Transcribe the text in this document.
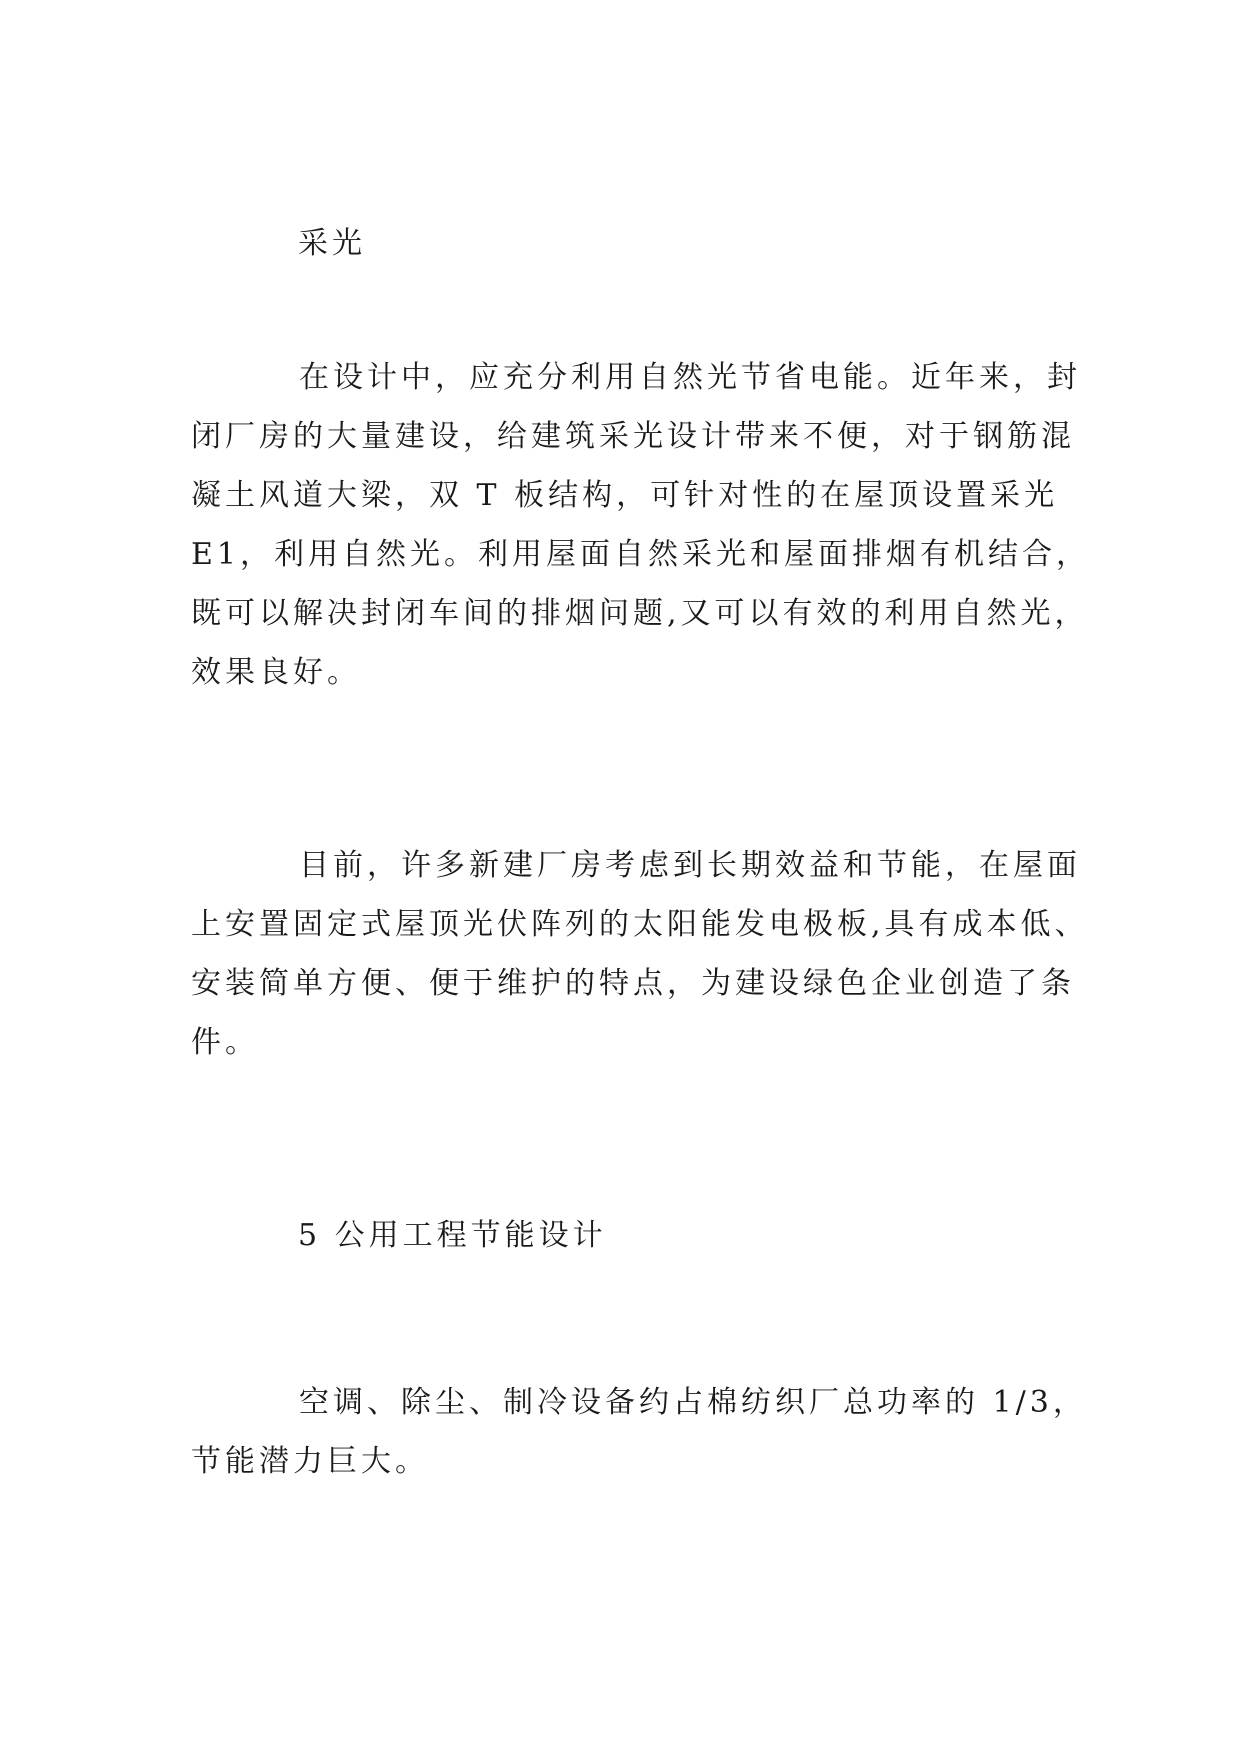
采光

在设计中，应充分利用自然光节省电能。近年来，封
闭厂房的大量建设，给建筑采光设计带来不便，对于钢筋混
凝土风道大梁，双 T 板结构，可针对性的在屋顶设置采光
E1，利用自然光。利用屋面自然采光和屋面排烟有机结合，
既可以解决封闭车间的排烟问题,又可以有效的利用自然光，
效果良好。

目前，许多新建厂房考虑到长期效益和节能，在屋面
上安置固定式屋顶光伏阵列的太阳能发电极板,具有成本低、
安装简单方便、便于维护的特点，为建设绿色企业创造了条
件。

5 公用工程节能设计

空调、除尘、制冷设备约占棉纺织厂总功率的 1/3，
节能潜力巨大。
